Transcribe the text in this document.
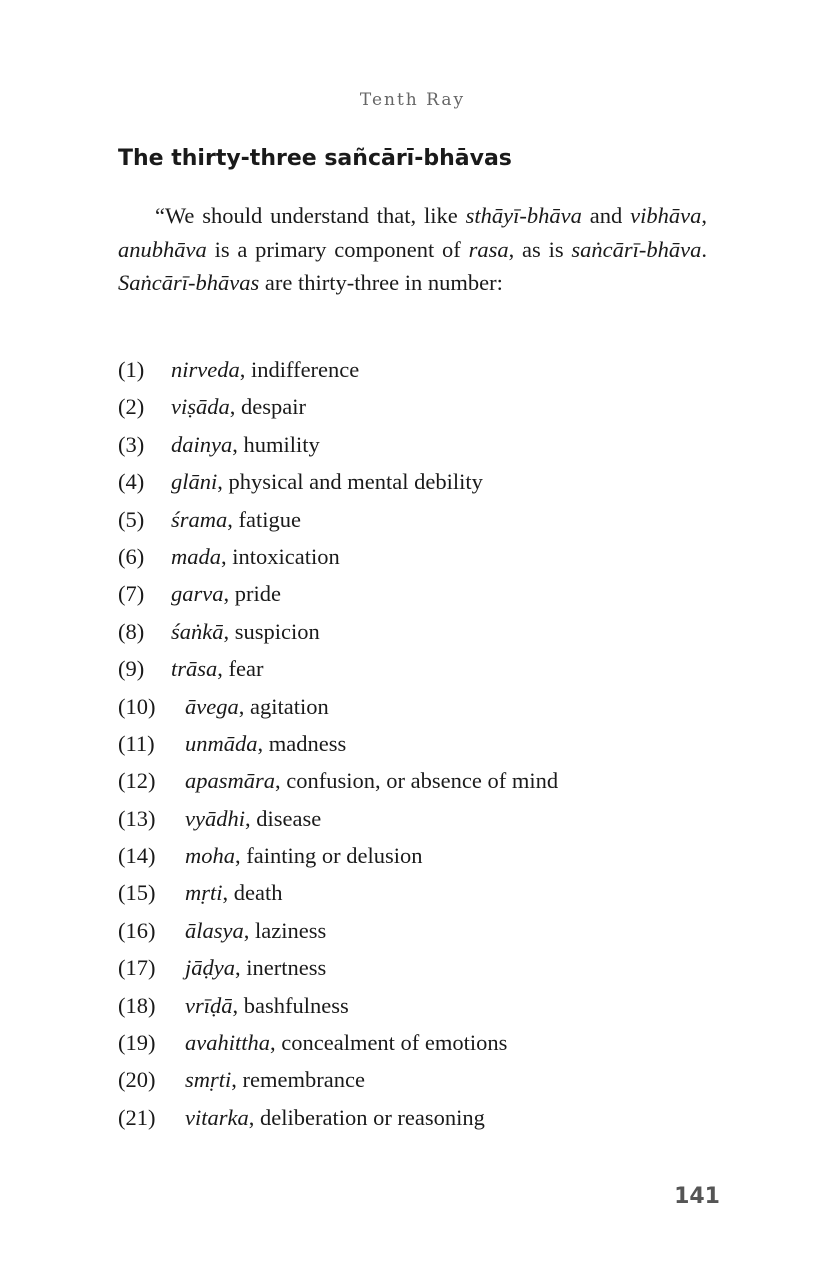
Tenth Ray
The thirty-three sañcārī-bhāvas

“We should understand that, like sthāyī-bhāva and vibhāva, anubhāva is a primary component of rasa, as is saṅcārī-bhāva. Saṅcārī-bhāvas are thirty-three in number:

(1) nirveda, indifference
(2) viṣāda, despair
(3) dainya, humility
(4) glāni, physical and mental debility
(5) śrama, fatigue
(6) mada, intoxication
(7) garva, pride
(8) śaṅkā, suspicion
(9) trāsa, fear
(10) āvega, agitation
(11) unmāda, madness
(12) apasmāra, confusion, or absence of mind
(13) vyādhi, disease
(14) moha, fainting or delusion
(15) mṛti, death
(16) ālasya, laziness
(17) jāḍya, inertness
(18) vrīḍā, bashfulness
(19) avahittha, concealment of emotions
(20) smṛti, remembrance
(21) vitarka, deliberation or reasoning
141
